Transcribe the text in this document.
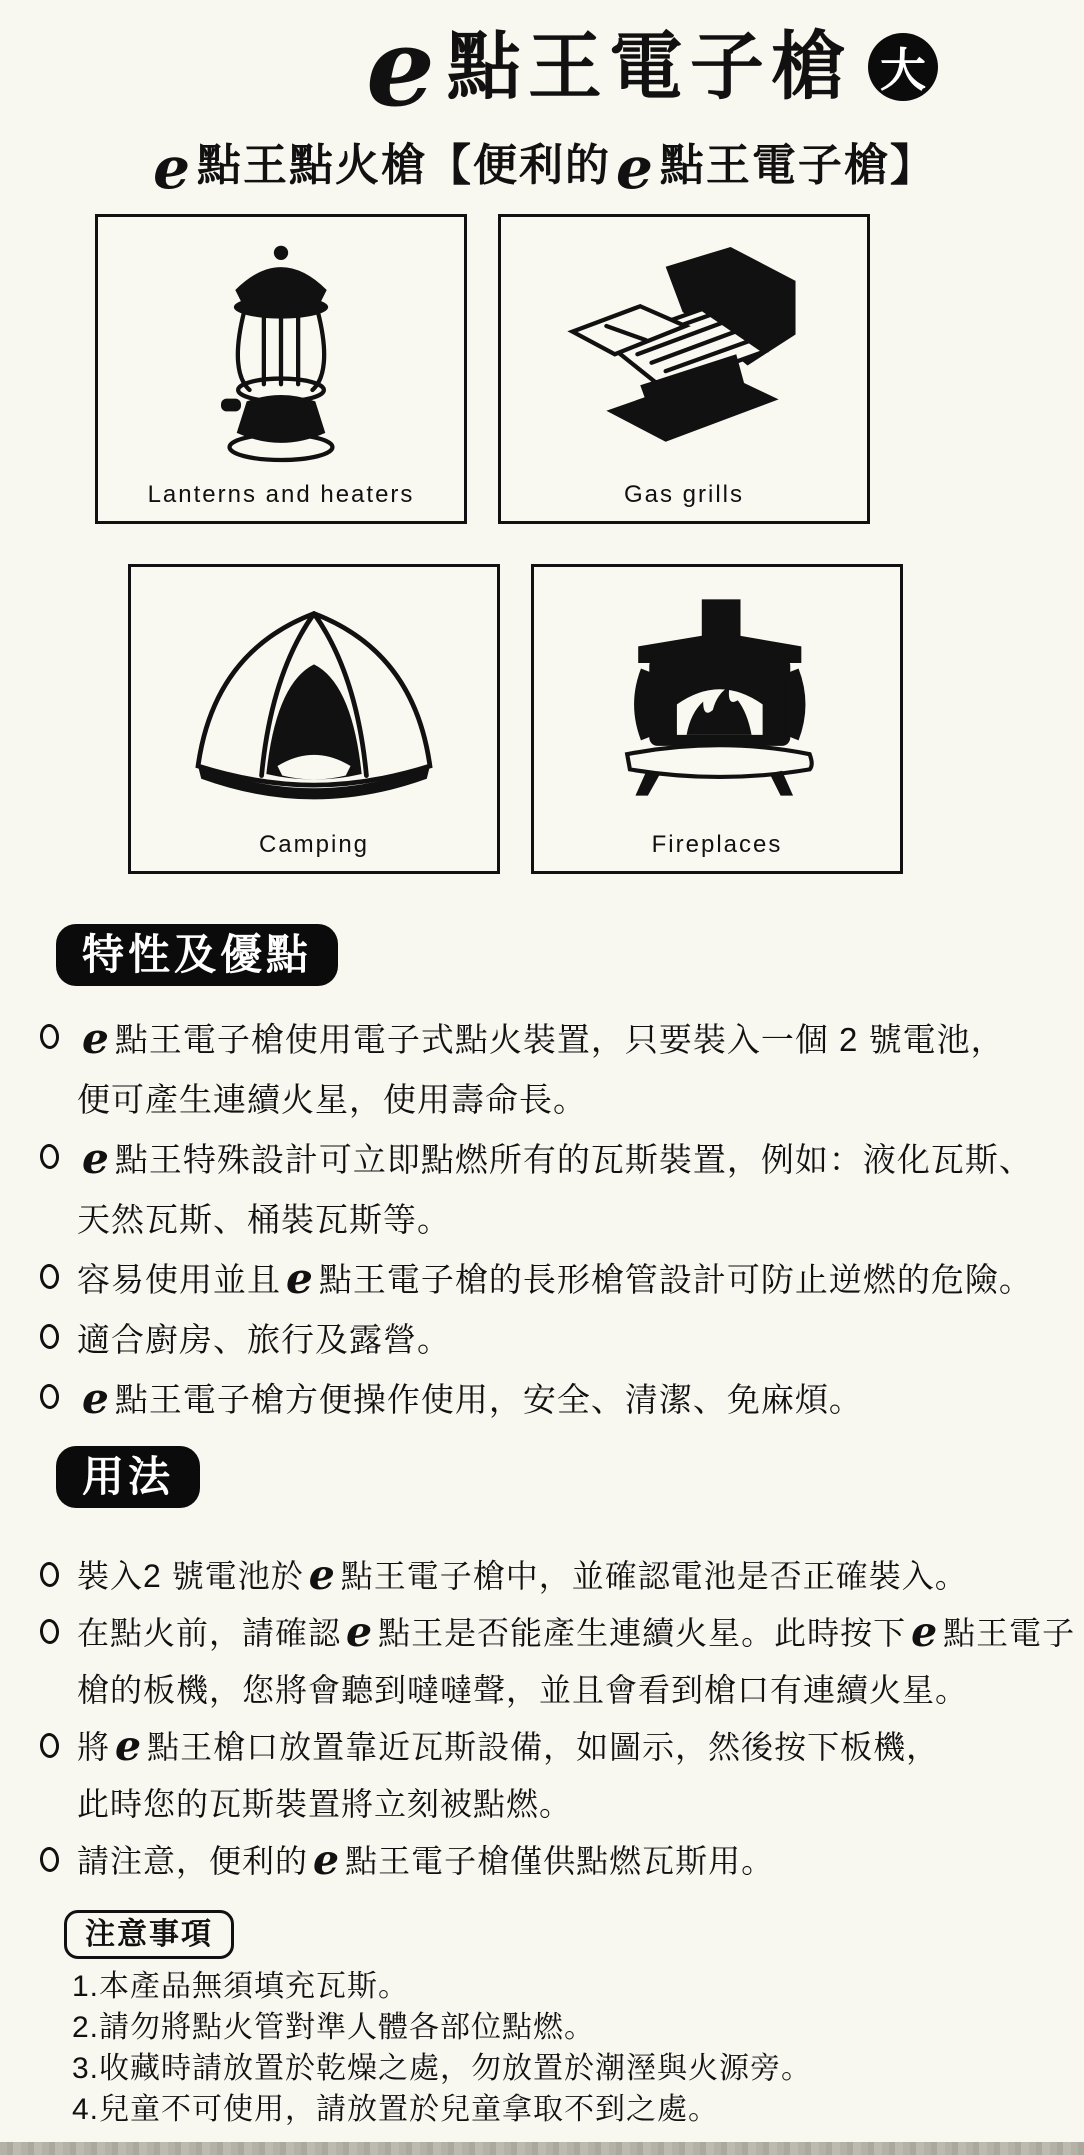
e 點王電子槍 大
e 點王點火槍【便利的 e 點王電子槍】
Lanterns and heaters	Gas grills
Camping	Fireplaces
特性及優點
e 點王電子槍使用電子式點火裝置，只要裝入一個 2 號電池，
便可產生連續火星，使用壽命長。
e 點王特殊設計可立即點燃所有的瓦斯裝置，例如：液化瓦斯、
天然瓦斯、桶裝瓦斯等。
容易使用並且 e 點王電子槍的長形槍管設計可防止逆燃的危險。
適合廚房、旅行及露營。
e 點王電子槍方便操作使用，安全、清潔、免麻煩。
用法
裝入2 號電池於 e 點王電子槍中，並確認電池是否正確裝入。
在點火前，請確認 e 點王是否能產生連續火星。此時按下 e 點王電子
槍的板機，您將會聽到噠噠聲，並且會看到槍口有連續火星。
將 e 點王槍口放置靠近瓦斯設備，如圖示，然後按下板機，
此時您的瓦斯裝置將立刻被點燃。
請注意，便利的 e 點王電子槍僅供點燃瓦斯用。
注意事項
1.本產品無須填充瓦斯。
2.請勿將點火管對準人體各部位點燃。
3.收藏時請放置於乾燥之處，勿放置於潮溼與火源旁。
4.兒童不可使用，請放置於兒童拿取不到之處。
